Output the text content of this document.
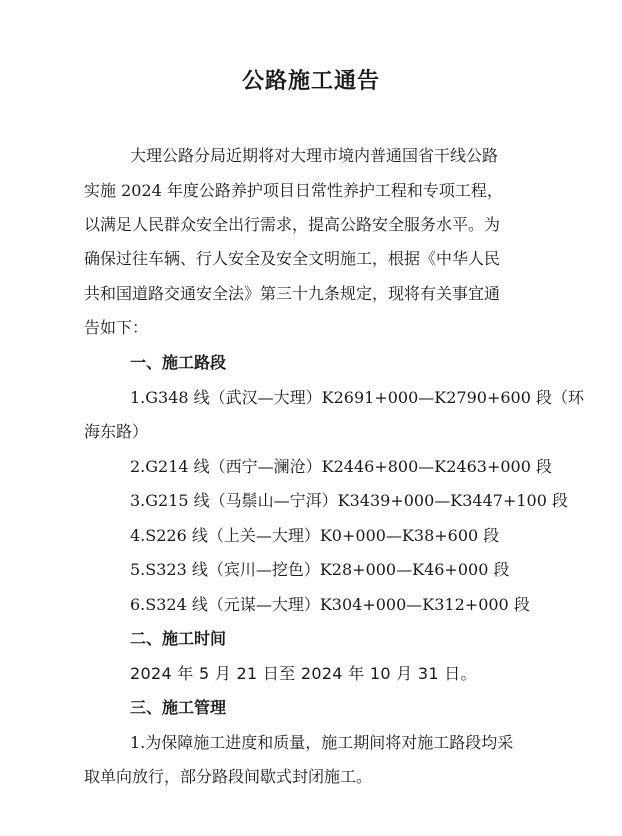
公路施工通告
大理公路分局近期将对大理市境内普通国省干线公路
实施 2024 年度公路养护项目日常性养护工程和专项工程，
以满足人民群众安全出行需求，提高公路安全服务水平。为
确保过往车辆、行人安全及安全文明施工，根据《中华人民
共和国道路交通安全法》第三十九条规定，现将有关事宜通
告如下：
一、施工路段
1.G348 线（武汉—大理）K2691+000—K2790+600 段（环
海东路）
2.G214 线（西宁—澜沧）K2446+800—K2463+000 段
3.G215 线（马鬃山—宁洱）K3439+000—K3447+100 段
4.S226 线（上关—大理）K0+000—K38+600 段
5.S323 线（宾川—挖色）K28+000—K46+000 段
6.S324 线（元谋—大理）K304+000—K312+000 段
二、施工时间
2024 年 5 月 21 日至 2024 年 10 月 31 日。
三、施工管理
1.为保障施工进度和质量，施工期间将对施工路段均采
取单向放行，部分路段间歇式封闭施工。
